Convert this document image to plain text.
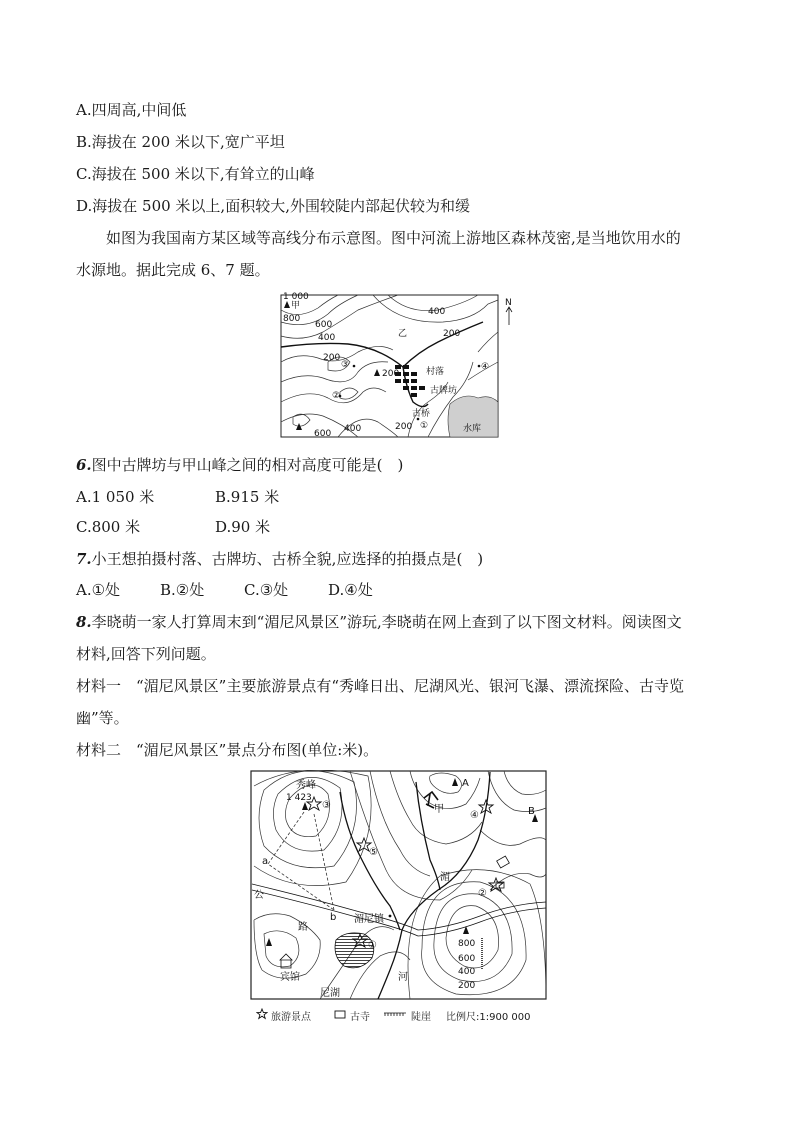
A.四周高,中间低
B.海拔在 200 米以下,宽广平坦
C.海拔在 500 米以下,有耸立的山峰
D.海拔在 500 米以上,面积较大,外围较陡内部起伏较为和缓
如图为我国南方某区域等高线分布示意图。图中河流上游地区森林茂密,是当地饮用水的
水源地。据此完成 6、7 题。
1 000
甲
800
600
400
400
200
乙
200
③
200
②
村落
古牌坊
④
古桥
①
200
400
600	水库
N
6.图中古牌坊与甲山峰之间的相对高度可能是(　)
A.1 050 米	B.915 米
C.800 米	D.90 米
7.小王想拍摄村落、古牌坊、古桥全貌,应选择的拍摄点是(　)
A.①处	B.②处	C.③处	D.④处
8.李晓萌一家人打算周末到“湄尼风景区”游玩,李晓萌在网上查到了以下图文材料。阅读图文
材料,回答下列问题。
材料一　“湄尼风景区”主要旅游景点有“秀峰日出、尼湖风光、银河飞瀑、漂流探险、古寺览
幽”等。
材料二　“湄尼风景区”景点分布图(单位:米)。
秀峰
1 423
③
⑤
A
B
甲
④
湄
②
公
路
湄尼镇
宾馆
尼湖
河
①
a
b
800
600
400
200
旅游景点	古寺	陡崖 比例尺:1:900 000
